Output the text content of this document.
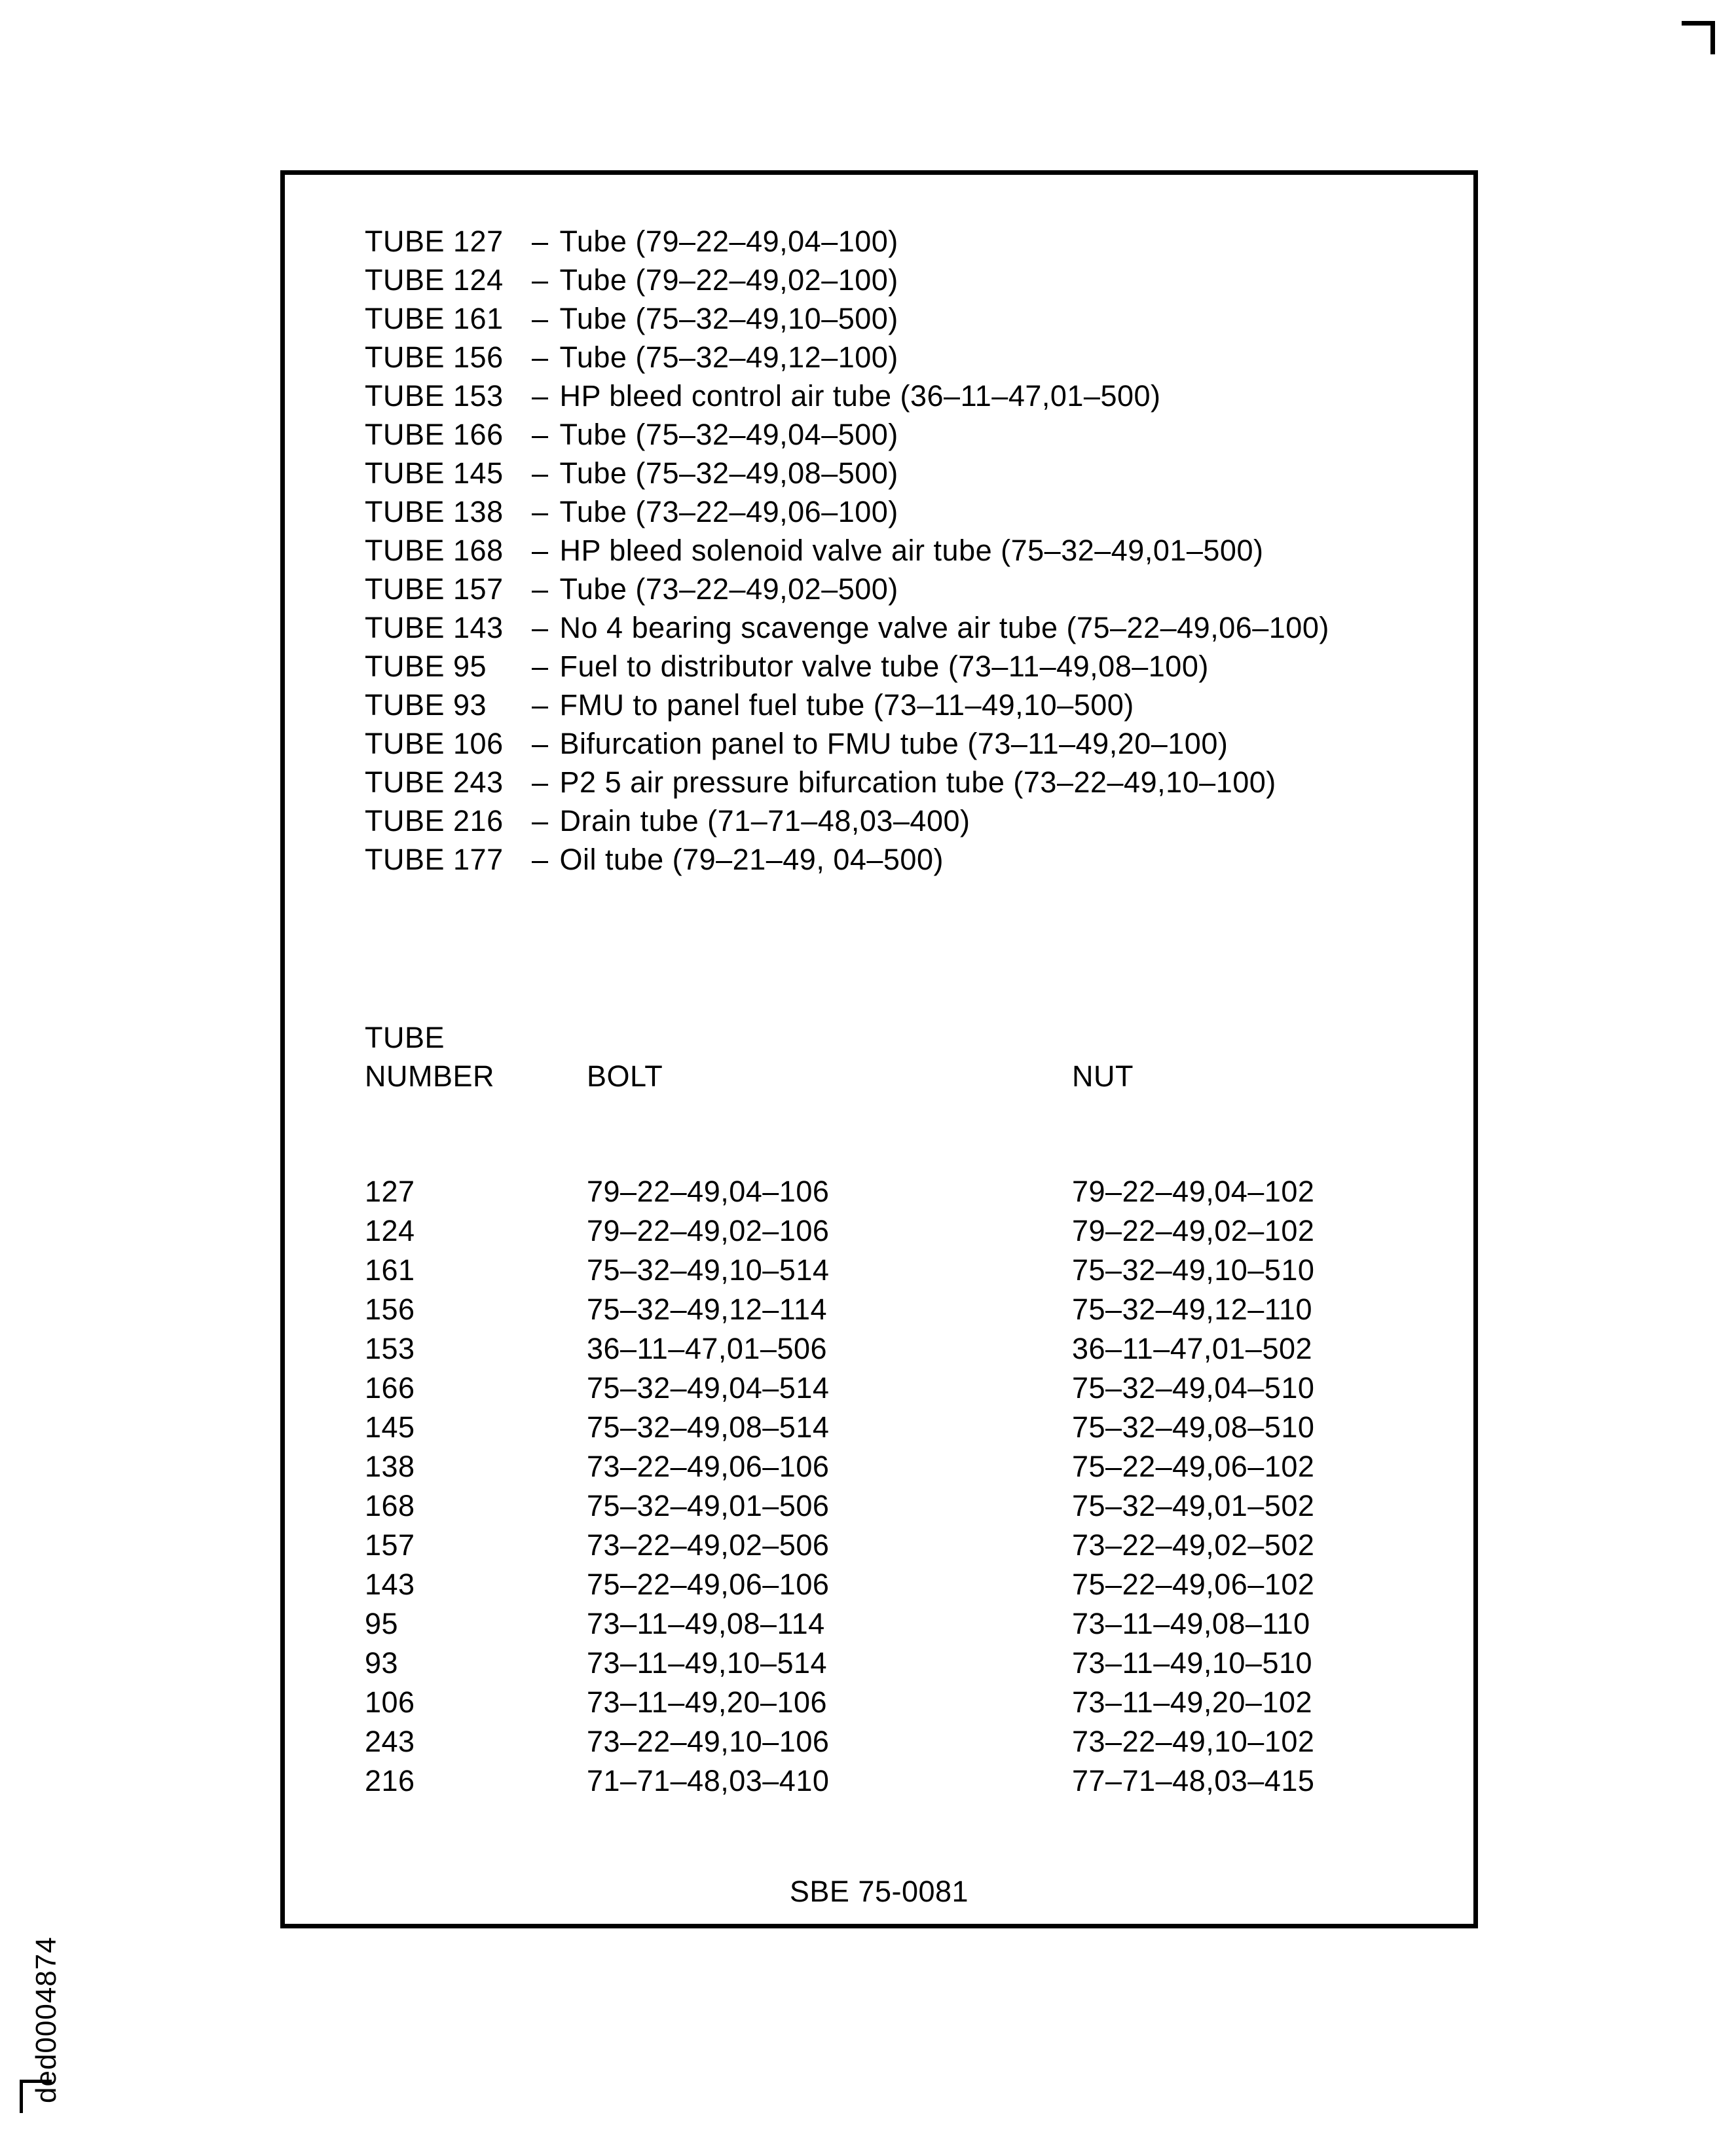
TUBE 127 – Tube (79–22–49,04–100)
TUBE 124 – Tube (79–22–49,02–100)
TUBE 161 – Tube (75–32–49,10–500)
TUBE 156 – Tube (75–32–49,12–100)
TUBE 153 – HP bleed control air tube (36–11–47,01–500)
TUBE 166 – Tube (75–32–49,04–500)
TUBE 145 – Tube (75–32–49,08–500)
TUBE 138 – Tube (73–22–49,06–100)
TUBE 168 – HP bleed solenoid valve air tube (75–32–49,01–500)
TUBE 157 – Tube (73–22–49,02–500)
TUBE 143 – No 4 bearing scavenge valve air tube (75–22–49,06–100)
TUBE 95	– Fuel to distributor valve tube (73–11–49,08–100)
TUBE 93	– FMU to panel fuel tube (73–11–49,10–500)
TUBE 106 – Bifurcation panel to FMU tube (73–11–49,20–100)
TUBE 243 – P2 5 air pressure bifurcation tube (73–22–49,10–100)
TUBE 216 – Drain tube (71–71–48,03–400)
TUBE 177 – Oil tube (79–21–49, 04–500)
TUBE
NUMBER	BOLT	NUT
127	79–22–49,04–106	79–22–49,04–102
124	79–22–49,02–106	79–22–49,02–102
161	75–32–49,10–514	75–32–49,10–510
156	75–32–49,12–114	75–32–49,12–110
153	36–11–47,01–506	36–11–47,01–502
166	75–32–49,04–514	75–32–49,04–510
145	75–32–49,08–514	75–32–49,08–510
138	73–22–49,06–106	75–22–49,06–102
168	75–32–49,01–506	75–32–49,01–502
157	73–22–49,02–506	73–22–49,02–502
143	75–22–49,06–106	75–22–49,06–102
95	73–11–49,08–114	73–11–49,08–110
93	73–11–49,10–514	73–11–49,10–510
106	73–11–49,20–106	73–11–49,20–102
243	73–22–49,10–106	73–22–49,10–102
216	71–71–48,03–410	77–71–48,03–415
SBE 75-0081
ded0004874
